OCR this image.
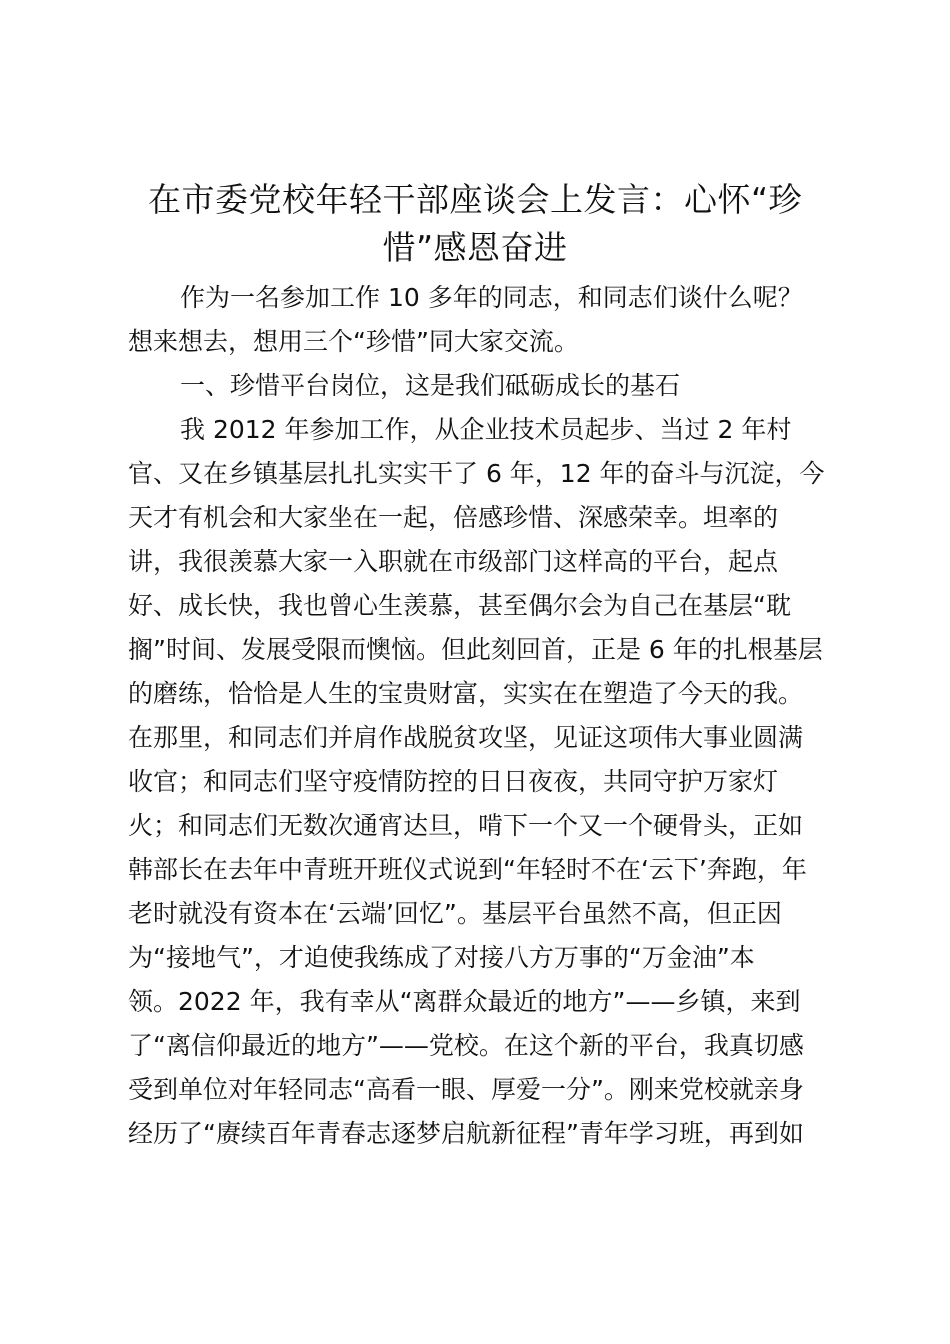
在市委党校年轻干部座谈会上发言：心怀“珍
惜”感恩奋进

作为一名参加工作 10 多年的同志，和同志们谈什么呢？

想来想去，想用三个“珍惜”同大家交流。

一、珍惜平台岗位，这是我们砥砺成长的基石

我 2012 年参加工作，从企业技术员起步、当过 2 年村

官、又在乡镇基层扎扎实实干了 6 年，12 年的奋斗与沉淀，今

天才有机会和大家坐在一起，倍感珍惜、深感荣幸。坦率的

讲，我很羡慕大家一入职就在市级部门这样高的平台，起点

好、成长快，我也曾心生羡慕，甚至偶尔会为自己在基层“耽

搁”时间、发展受限而懊恼。但此刻回首，正是 6 年的扎根基层

的磨练，恰恰是人生的宝贵财富，实实在在塑造了今天的我。

在那里，和同志们并肩作战脱贫攻坚，见证这项伟大事业圆满

收官；和同志们坚守疫情防控的日日夜夜，共同守护万家灯

火；和同志们无数次通宵达旦，啃下一个又一个硬骨头，正如

韩部长在去年中青班开班仪式说到“年轻时不在‘云下’奔跑，年

老时就没有资本在‘云端’回忆”。基层平台虽然不高，但正因

为“接地气”，才迫使我练成了对接八方万事的“万金油”本

领。2022 年，我有幸从“离群众最近的地方”——乡镇，来到

了“离信仰最近的地方”——党校。在这个新的平台，我真切感

受到单位对年轻同志“高看一眼、厚爱一分”。刚来党校就亲身

经历了“赓续百年青春志逐梦启航新征程”青年学习班，再到如
